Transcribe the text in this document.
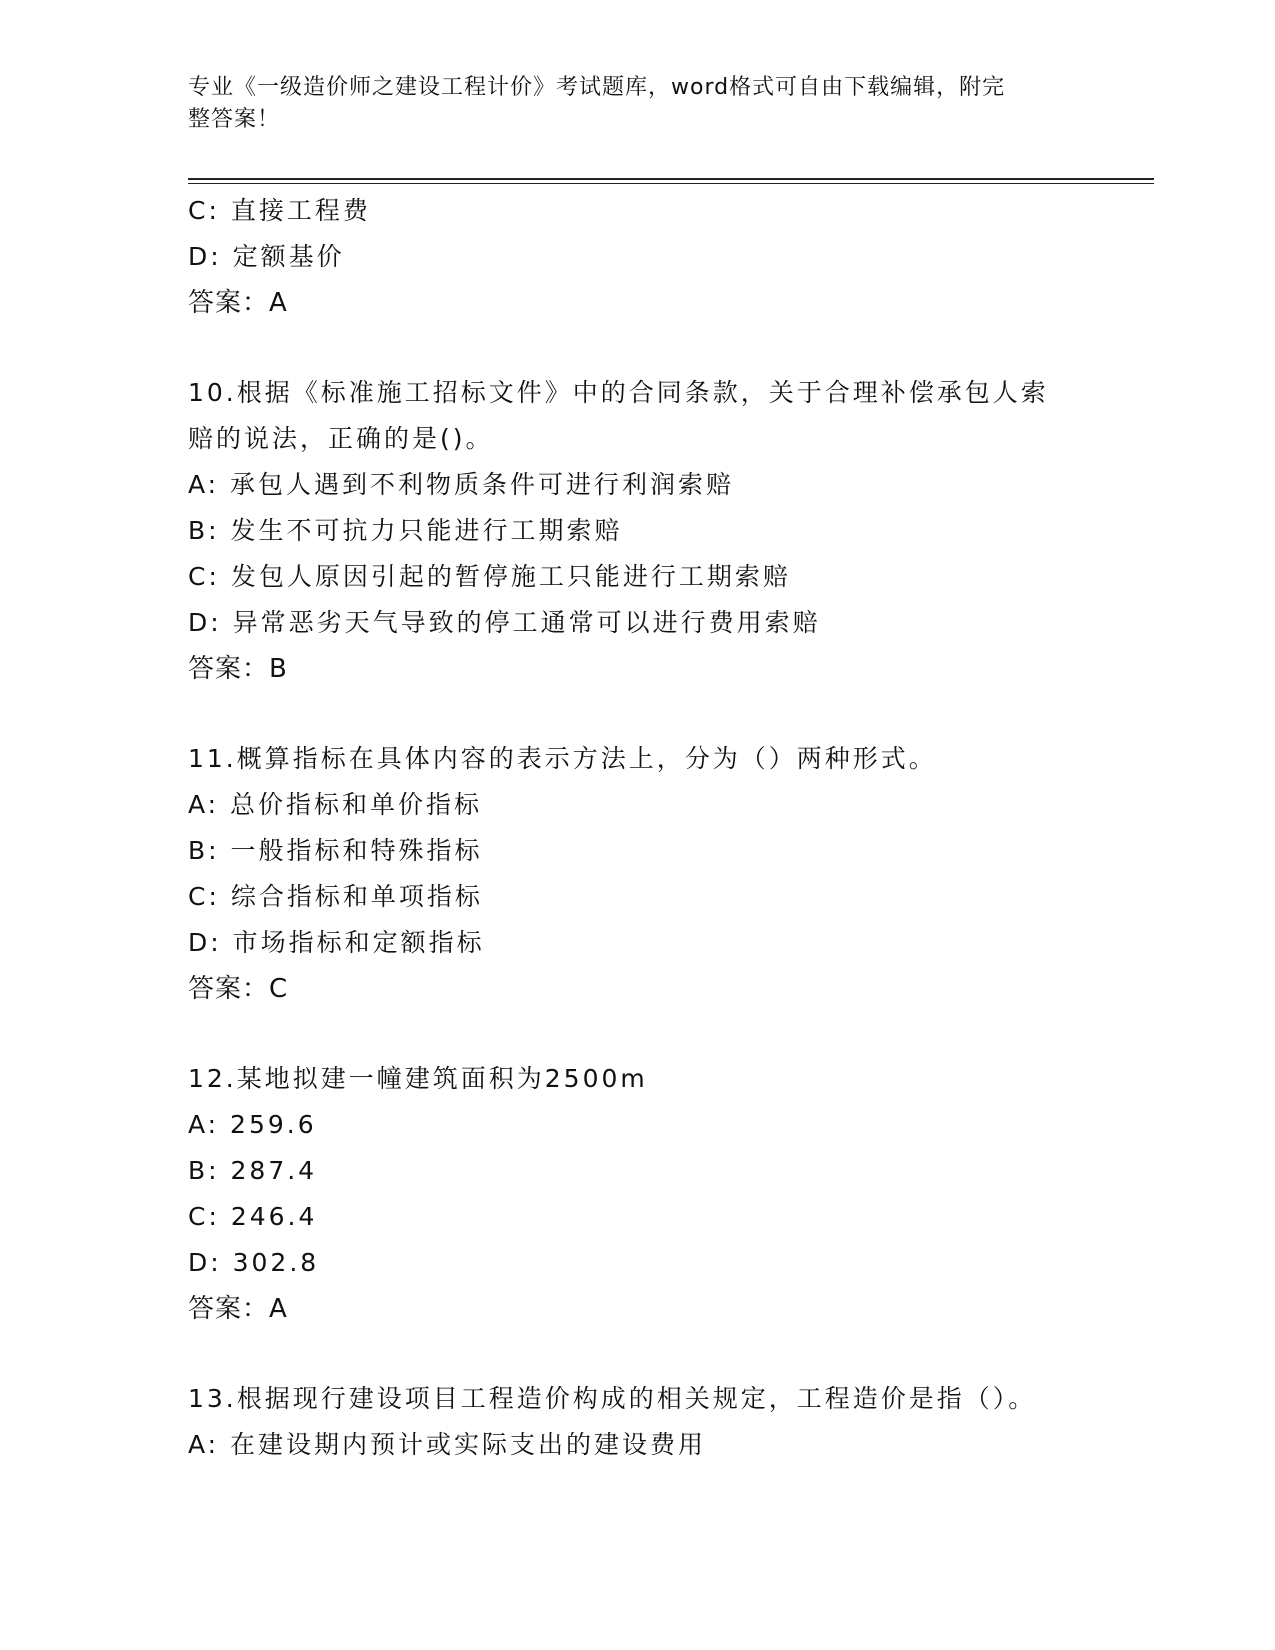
专业《一级造价师之建设工程计价》考试题库，word格式可自由下载编辑，附完
整答案！
C: 直接工程费
D: 定额基价
答案：A
10.根据《标准施工招标文件》中的合同条款，关于合理补偿承包人索
赔的说法，正确的是()。
A: 承包人遇到不利物质条件可进行利润索赔
B: 发生不可抗力只能进行工期索赔
C: 发包人原因引起的暂停施工只能进行工期索赔
D: 异常恶劣天气导致的停工通常可以进行费用索赔
答案：B
11.概算指标在具体内容的表示方法上，分为（）两种形式。
A: 总价指标和单价指标
B: 一般指标和特殊指标
C: 综合指标和单项指标
D: 市场指标和定额指标
答案：C
12.某地拟建一幢建筑面积为2500m
A: 259.6
B: 287.4
C: 246.4
D: 302.8
答案：A
13.根据现行建设项目工程造价构成的相关规定，工程造价是指（）。
A: 在建设期内预计或实际支出的建设费用
